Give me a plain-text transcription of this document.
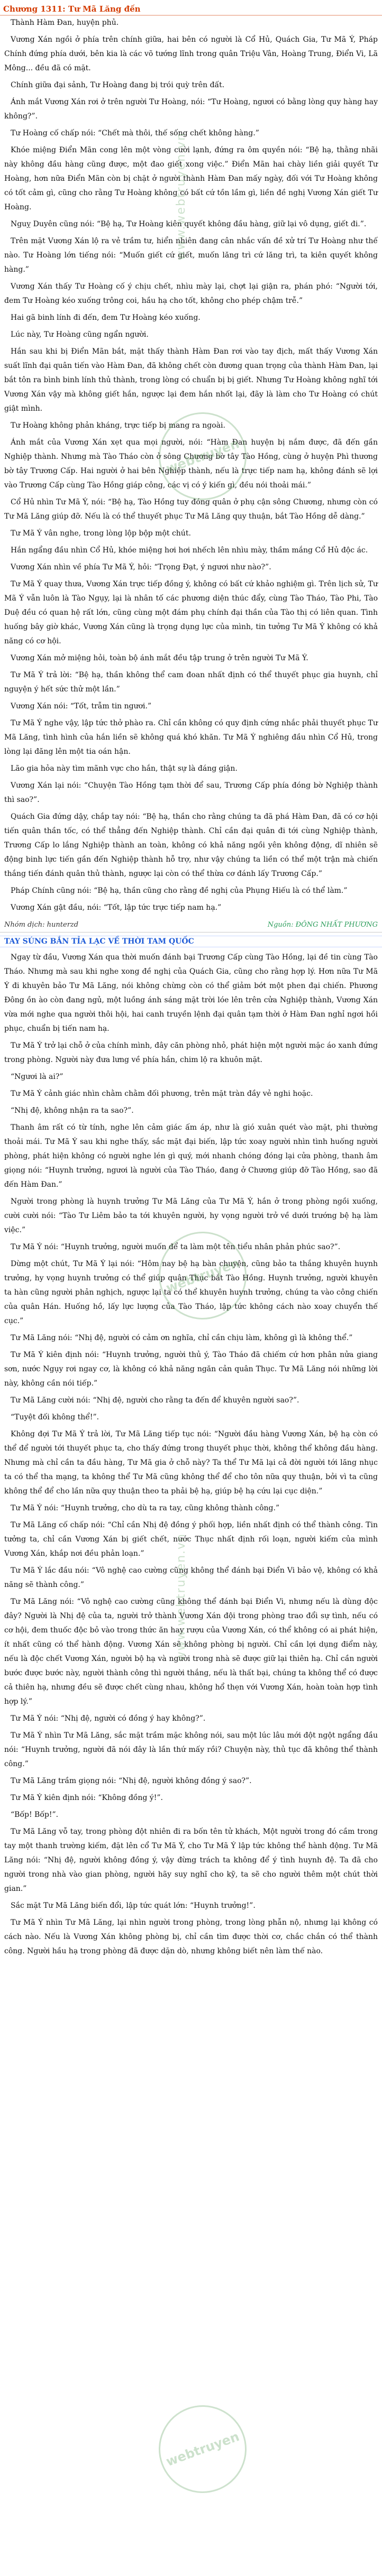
Chương 1311: Tư Mã Lăng đến

Thành Hàm Đan, huyện phủ.

Vương Xán ngồi ở phía trên chính giữa, hai bên có người là Cổ Hủ, Quách Gia, Tư Mã Ý, Pháp Chính đứng phía dưới, bên kia là các võ tướng lĩnh trong quân Triệu Vân, Hoàng Trung, Điển Vi, Lã Mông... đều đã có mặt.

Chính giữa đại sảnh, Tư Hoàng đang bị trói quỳ trên đất.

Ánh mắt Vương Xán rơi ở trên người Tư Hoàng, nói: “Tư Hoàng, ngươi có bằng lòng quy hàng hay không?”.

Tư Hoàng cố chấp nói: “Chết mà thôi, thế sống chết không hàng.”

Khóe miệng Điển Mãn cong lên một vòng cười lạnh, đứng ra ôm quyền nói: “Bệ hạ, thằng nhãi này không đầu hàng cũng được, một đao giết xong việc.” Điển Mãn hai chày liền giải quyết Tư Hoàng, hơn nữa Điển Mãn còn bị chặt ở người thành Hàm Đan mấy ngày, đối với Tư Hoàng không có tốt cảm gì, cũng cho rằng Tư Hoàng không có bất cứ tồn lầm gì, liền đề nghị Vương Xán giết Tư Hoàng.

Nguỵ Duyên cũng nói: “Bệ hạ, Tư Hoàng kiên quyết không đầu hàng, giữ lại vô dụng, giết đi.”.

Trên mặt Vương Xán lộ ra vẻ trầm tư, hiển nhiên đang cân nhắc vấn đề xử trí Tư Hoàng như thế nào. Tư Hoàng lớn tiếng nói: “Muốn giết cứ giết, muốn lăng trì cứ lăng trì, ta kiên quyết không hàng.”

Vương Xán thấy Tư Hoàng cố ý chịu chết, nhìu mày lại, chợt lại giận ra, phán phó: “Người tới, đem Tư Hoàng kéo xuống trông coi, hầu hạ cho tốt, không cho phép chậm trễ.”

Hai gã binh lính đi đến, đem Tư Hoàng kéo xuống.

Lúc này, Tư Hoàng cũng ngẩn người.

Hắn sau khi bị Điển Mãn bắt, mặt thấy thành Hàm Đan rơi vào tay địch, mất thấy Vương Xán suất lĩnh đại quân tiến vào Hàm Đan, đã không chết còn đương quan trọng của thành Hàm Đan, lại bắt tôn ra bình binh lính thủ thành, trong lòng có chuẩn bị bị giết. Nhưng Tư Hoàng không nghĩ tới Vương Xán vậy mà không giết hắn, ngược lại đem hắn nhốt lại, đãy là làm cho Tư Hoàng có chút giật mình.

Tư Hoàng không phản kháng, trực tiếp bị mang ra ngoài.

Ánh mắt của Vương Xán xẹt qua mọi người, nói: “Hàm Đan huyện bị nắm được, đã đến gần Nghiệp thành. Nhưng mà Tào Tháo còn ở sông Chương bờ tây Tào Hồng, cùng ở huyện Phì thương bờ tây Trương Cấp. Hai người ở hai bên Nghiệp thành, nếu là trực tiếp nam hạ, không đánh sẽ lợi vào Trương Cấp cùng Tào Hồng giáp công, các vị có ý kiến gì, đều nói thoải mái.”

Cổ Hủ nhìn Tư Mã Ý, nói: “Bệ hạ, Tào Hồng tuy đóng quân ở phụ cận sông Chương, nhưng còn có Tư Mã Lăng giúp đỡ. Nếu là có thể thuyết phục Tư Mã Lăng quy thuận, bắt Tào Hồng dễ dàng.”

Tư Mã Ý vân nghe, trong lòng lộp bộp một chút.

Hắn ngẩng đầu nhìn Cổ Hủ, khóe miệng hơi hơi nhếch lên nhìu mày, thầm mắng Cổ Hủ độc ác.

Vương Xán nhìn về phía Tư Mã Ý, hỏi: “Trọng Đạt, ý ngươi như nào?”.

Tư Mã Ý quay thưa, Vương Xán trực tiếp đồng ý, không có bất cứ khảo nghiệm gì. Trên lịch sử, Tư Mã Ý vẫn luôn là Tào Ngụy, lại là nhân tố các phương diện thúc đẩy, cùng Tào Tháo, Tào Phi, Tào Duệ đều có quan hệ rất lớn, cũng cùng một đám phụ chính đại thần của Tào thị có liên quan. Tình huống bây giờ khác, Vương Xán cũng là trọng dụng lực của mình, tin tưởng Tư Mã Ý không có khả năng có cơ hội.

Vương Xán mở miệng hỏi, toàn bộ ánh mắt đều tập trung ở trên người Tư Mã Ý.

Tư Mã Ý trả lời: “Bệ hạ, thần không thể cam đoan nhất định có thể thuyết phục gia huynh, chỉ nguyện ý hết sức thử một lần.”

Vương Xán nói: “Tốt, trẫm tin ngươi.”

Tư Mã Ý nghe vậy, lập tức thở phào ra. Chỉ cần không có quy định cứng nhắc phải thuyết phục Tư Mã Lăng, tình hình của hắn liền sẽ không quá khó khăn. Tư Mã Ý nghiêng đầu nhìn Cổ Hủ, trong lòng lại đăng lên một tia oán hận.

Lão gia hỏa này tìm mãnh vực cho hắn, thật sự là đáng giận.

Vương Xán lại nói: “Chuyện Tào Hồng tạm thời để sau, Trương Cấp phía đóng bờ Nghiệp thành thì sao?”.

Quách Gia đứng dậy, chắp tay nói: “Bệ hạ, thần cho rằng chúng ta đã phá Hàm Đan, đã có cơ hội tiến quân thần tốc, có thể thẳng đến Nghiệp thành. Chỉ cần đại quân đi tới cùng Nghiệp thành, Trương Cấp lo lắng Nghiệp thành an toàn, không có khả năng ngồi yên không động, dĩ nhiên sẽ động binh lực tiến gần đến Nghiệp thành hỗ trợ, như vậy chúng ta liền có thể một trận mà chiến thắng tiến đánh quân thủ thành, ngược lại còn có thể thừa cơ đánh lấy Trương Cấp.”

Pháp Chính cũng nói: “Bệ hạ, thần cũng cho rằng đề nghị của Phụng Hiếu là có thể làm.”

Vương Xán gật đầu, nói: “Tốt, lập tức trực tiếp nam hạ.”

Nhóm dịch: hunterzd	Nguồn: ĐÔNG NHẤT PHƯƠNG
TAY SÚNG BẮN TỈA LẠC VỀ THỜI TAM QUỐC

Ngay từ đầu, Vương Xán qua thời muốn đánh bại Trương Cấp cùng Tào Hồng, lại đề tin cùng Tào Tháo. Nhưng mà sau khi nghe xong đề nghị của Quách Gia, cũng cho rằng hợp lý. Hơn nữa Tư Mã Ý đi khuyên bảo Tư Mã Lăng, nói không chừng còn có thể giảm bớt một phen đại chiến. Phương Đông ồn ào còn đang ngủ, một luồng ánh sáng mặt trời lóe lên trên cửa Nghiệp thành, Vương Xán vừa mới nghe qua người thôi hội, hai canh truyền lệnh đại quân tạm thời ở Hàm Đan nghỉ ngơi hồi phục, chuẩn bị tiến nam hạ.

Tư Mã Ý trở lại chỗ ở của chính mình, đây căn phòng nhỏ, phát hiện một người mặc áo xanh đứng trong phòng. Người này đưa lưng về phía hắn, chim lộ ra khuôn mặt.

“Ngươi là ai?”

Tư Mã Ý cảnh giác nhìn chằm chằm đối phương, trên mặt tràn đầy vẻ nghi hoặc.

“Nhị đệ, không nhận ra ta sao?”.

Thanh âm rất có từ tính, nghe lên cảm giác ấm áp, như là gió xuân quét vào mặt, phi thường thoải mái. Tư Mã Ý sau khi nghe thấy, sắc mặt đại biến, lập tức xoay người nhìn tình huống người phòng, phát hiện không có người nghe lén gì quý, mới nhanh chóng đóng lại cửa phòng, thanh âm giọng nói: “Huynh trưởng, ngươi là người của Tào Tháo, đang ở Chương giúp đỡ Tào Hồng, sao đã đến Hàm Đan.”

Người trong phòng là huynh trưởng Tư Mã Lăng của Tư Mã Ý, hắn ở trong phòng ngồi xuống, cười cười nói: “Tào Tư Liêm bảo ta tới khuyên người, hy vọng người trở về dưới trướng bệ hạ làm việc.”

Tư Mã Ý nói: “Huynh trưởng, người muốn để ta làm một tên tiểu nhân phản phúc sao?”.

Dừng một chút, Tư Mã Ý lại nói: “Hôm nay bệ hạ bàn chuyện, cũng bảo ta thắng khuyên huynh trưởng, hy vọng huynh trưởng có thể giúp quân Thục bắt Tào Hồng. Huynh trưởng, người khuyên ta hàn cũng người phản nghịch, ngược lại ta có thể khuyên huynh trưởng, chúng ta vào công chiến của quân Hán. Huống hồ, lấy lực lượng của Tào Tháo, lập tức không cách nào xoay chuyển thế cục.”

Tư Mã Lăng nói: “Nhị đệ, người có cảm ơn nghĩa, chỉ cần chịu làm, không gì là không thể.”

Tư Mã Ý kiên định nói: “Huynh trưởng, người thủ ý, Tào Tháo đã chiếm cứ hơn phân nửa giang sơn, nước Ngụy rơi ngay cơ, là không có khả năng ngăn cản quân Thục. Tư Mã Lăng nói những lời này, không cần nói tiếp.”

Tư Mã Lăng cười nói: “Nhị đệ, người cho rằng ta đến để khuyên người sao?”.

“Tuyệt đối không thể!”.

Không đợi Tư Mã Ý trả lời, Tư Mã Lăng tiếp tục nói: “Người đầu hàng Vương Xán, bệ hạ còn có thể để người tới thuyết phục ta, cho thấy đứng trong thuyết phục thời, không thể không đầu hàng. Nhưng mà chỉ cần ta đầu hàng, Tư Mã gia ở chỗ này? Ta thể Tư Mã lại cả đời người tới lăng nhục ta có thể tha mạng, ta không thể Tư Mã cũng không thể để cho tôn nữa quy thuận, bởi vì ta cũng không thể để cho lần nữa quy thuận theo ta phải bệ hạ, giúp bệ hạ cứu lại cục diện.”

Tư Mã Ý nói: “Huynh trưởng, cho dù ta ra tay, cũng không thành công.”

Tư Mã Lăng cố chấp nói: “Chỉ cần Nhị đệ đồng ý phối hợp, liền nhất định có thể thành công. Tin tưởng ta, chỉ cần Vương Xán bị giết chết, nước Thục nhất định rối loạn, người kiếm của mình Vương Xán, khắp nơi đều phản loạn.”

Tư Mã Ý lắc đầu nói: “Vô nghệ cao cường cũng không thể đánh bại Điển Vi bảo vệ, không có khả năng sẽ thành công.”

Tư Mã Lăng nói: “Vô nghệ cao cường cũng không thể đánh bại Điển Vi, nhưng nếu là dùng độc đây? Người là Nhị đệ của ta, người trở thành Vương Xán đội trong phòng trao đổi sự tình, nếu có cơ hội, đem thuốc độc bỏ vào trong thức ăn hay rượu của Vương Xán, có thể không có ai phát hiện, ít nhất cũng có thể hành động. Vương Xán sẽ không phòng bị người. Chỉ cần lợi dụng điểm này, nếu là độc chết Vương Xán, người bộ hạ và người trong nhà sẽ được giữ lại thiên hạ. Chỉ cần người bước được bước này, người thành công thì người thắng, nếu là thất bại, chúng ta không thể có được cả thiên hạ, nhưng đều sẽ được chết cùng nhau, không hổ thẹn với Vương Xán, hoàn toàn hợp tình hợp lý.”

Tư Mã Ý nói: “Nhị đệ, người có đồng ý hay không?”.

Tư Mã Ý nhìn Tư Mã Lăng, sắc mặt trầm mặc không nói, sau một lúc lâu mới đột ngột ngẩng đầu nói: “Huynh trưởng, người đã nói đây là lần thứ mấy rồi? Chuyện này, thủ tục đã không thể thành công.”

Tư Mã Lăng trầm giọng nói: “Nhị đệ, người không đồng ý sao?”.

Tư Mã Ý kiên định nói: “Không đồng ý!”.

“Bốp! Bốp!”.

Tư Mã Lăng vỗ tay, trong phòng đột nhiên đi ra bốn tên tử khách, Một người trong đó cầm trong tay một thanh trường kiếm, đặt lên cổ Tư Mã Ý, cho Tư Mã Ý lập tức không thể hành động. Tư Mã Lăng nói: “Nhị đệ, người không đồng ý, vậy đừng trách ta không để ý tình huynh đệ. Ta đã cho người trong nhà vào gian phòng, người hãy suy nghĩ cho kỹ, ta sẽ cho người thêm một chút thời gian.”

Sắc mặt Tư Mã Lăng biến đổi, lập tức quát lớn: “Huynh trưởng!”.

Tư Mã Ý nhìn Tư Mã Lăng, lại nhìn người trong phòng, trong lòng phẫn nộ, nhưng lại không có cách nào. Nếu là Vương Xán không phòng bị, chỉ cần tìm được thời cơ, chắc chắn có thể thành công. Người hầu hạ trong phòng đã được dặn dò, nhưng không biết nên làm thế nào.

webtruyen
www.webtruyen.vn
webtruyen
www.webtruyen.vn
webtruyen
